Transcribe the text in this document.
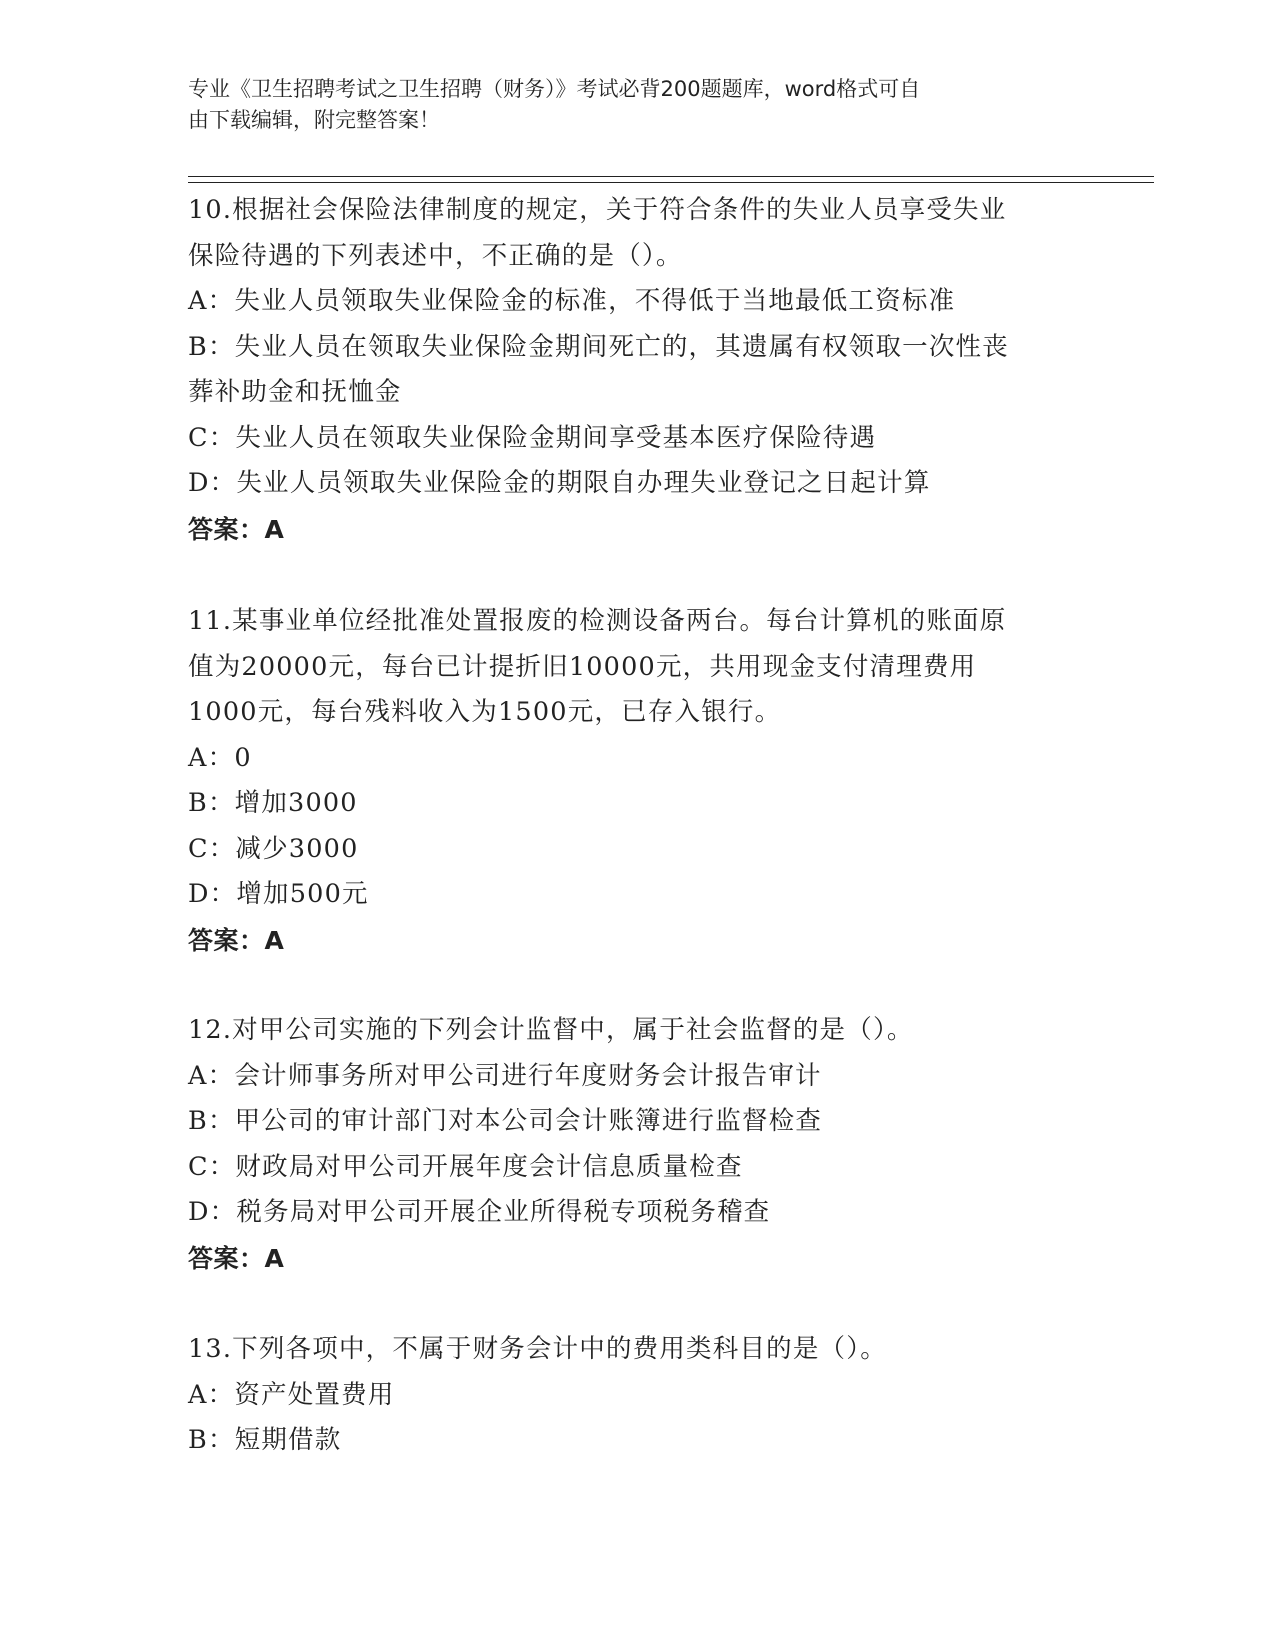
专业《卫生招聘考试之卫生招聘（财务）》考试必背200题题库，word格式可自
由下载编辑，附完整答案！

10.根据社会保险法律制度的规定，关于符合条件的失业人员享受失业

保险待遇的下列表述中，不正确的是（）。

A：失业人员领取失业保险金的标准，不得低于当地最低工资标准

B：失业人员在领取失业保险金期间死亡的，其遗属有权领取一次性丧

葬补助金和抚恤金

C：失业人员在领取失业保险金期间享受基本医疗保险待遇

D：失业人员领取失业保险金的期限自办理失业登记之日起计算

答案：A

11.某事业单位经批准处置报废的检测设备两台。每台计算机的账面原

值为20000元，每台已计提折旧10000元，共用现金支付清理费用

1000元，每台残料收入为1500元，已存入银行。

A：0

B：增加3000

C：减少3000

D：增加500元

答案：A

12.对甲公司实施的下列会计监督中，属于社会监督的是（）。

A：会计师事务所对甲公司进行年度财务会计报告审计

B：甲公司的审计部门对本公司会计账簿进行监督检查

C：财政局对甲公司开展年度会计信息质量检查

D：税务局对甲公司开展企业所得税专项税务稽查

答案：A

13.下列各项中，不属于财务会计中的费用类科目的是（）。

A：资产处置费用

B：短期借款
